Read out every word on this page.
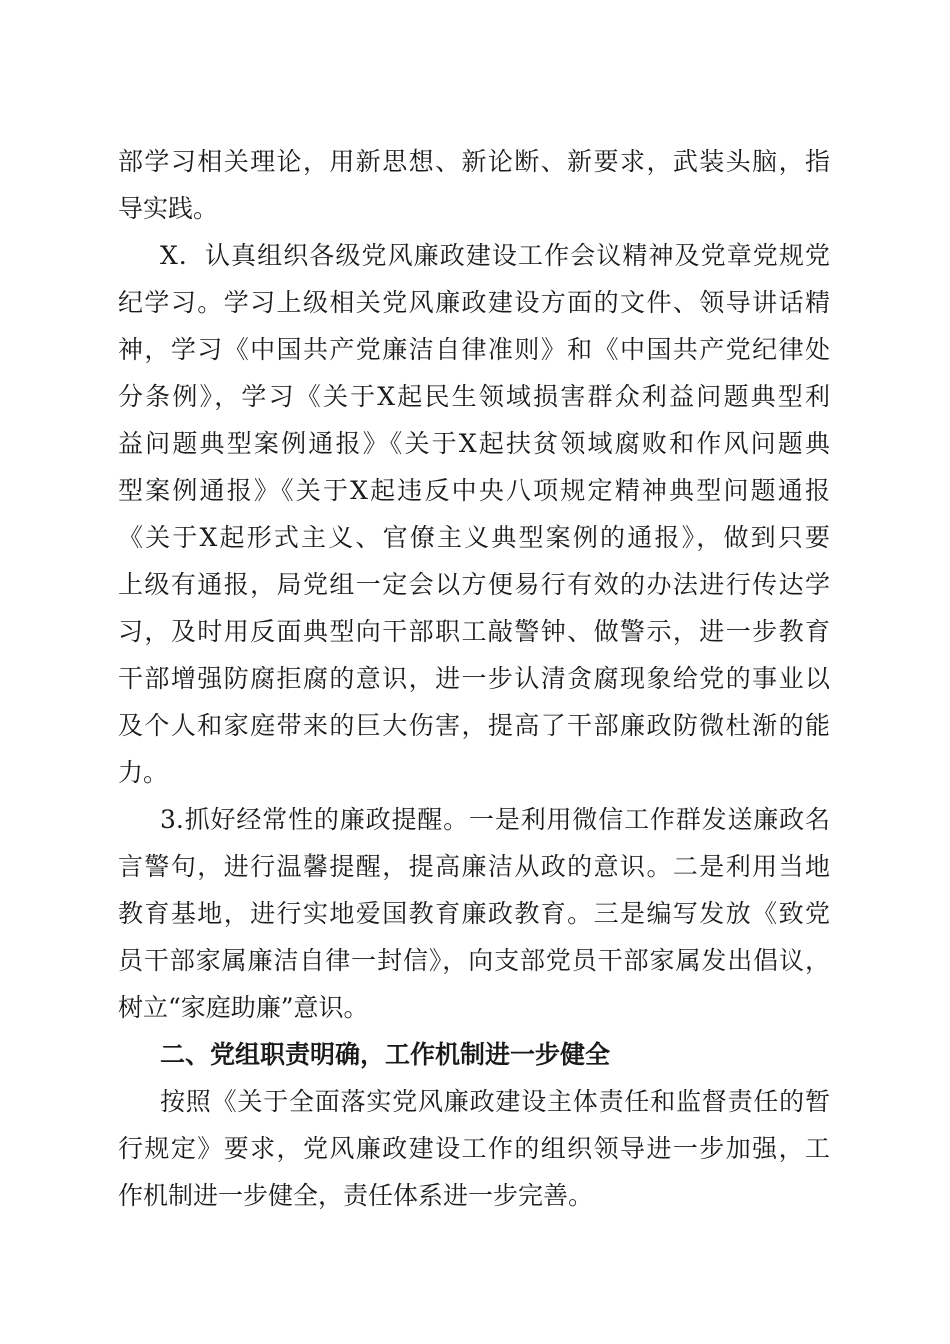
部学习相关理论，用新思想、新论断、新要求，武装头脑，指
导实践。
X．认真组织各级党风廉政建设工作会议精神及党章党规党
纪学习。学习上级相关党风廉政建设方面的文件、领导讲话精
神，学习《中国共产党廉洁自律准则》和《中国共产党纪律处
分条例》，学习《关于X起民生领域损害群众利益问题典型利
益问题典型案例通报》《关于X起扶贫领域腐败和作风问题典
型案例通报》《关于X起违反中央八项规定精神典型问题通报
《关于X起形式主义、官僚主义典型案例的通报》，做到只要
上级有通报，局党组一定会以方便易行有效的办法进行传达学
习，及时用反面典型向干部职工敲警钟、做警示，进一步教育
干部增强防腐拒腐的意识，进一步认清贪腐现象给党的事业以
及个人和家庭带来的巨大伤害，提高了干部廉政防微杜渐的能
力。
3.抓好经常性的廉政提醒。一是利用微信工作群发送廉政名
言警句，进行温馨提醒，提高廉洁从政的意识。二是利用当地
教育基地，进行实地爱国教育廉政教育。三是编写发放《致党
员干部家属廉洁自律一封信》，向支部党员干部家属发出倡议，
树立“家庭助廉”意识。
二、党组职责明确，工作机制进一步健全
按照《关于全面落实党风廉政建设主体责任和监督责任的暂
行规定》要求，党风廉政建设工作的组织领导进一步加强，工
作机制进一步健全，责任体系进一步完善。
